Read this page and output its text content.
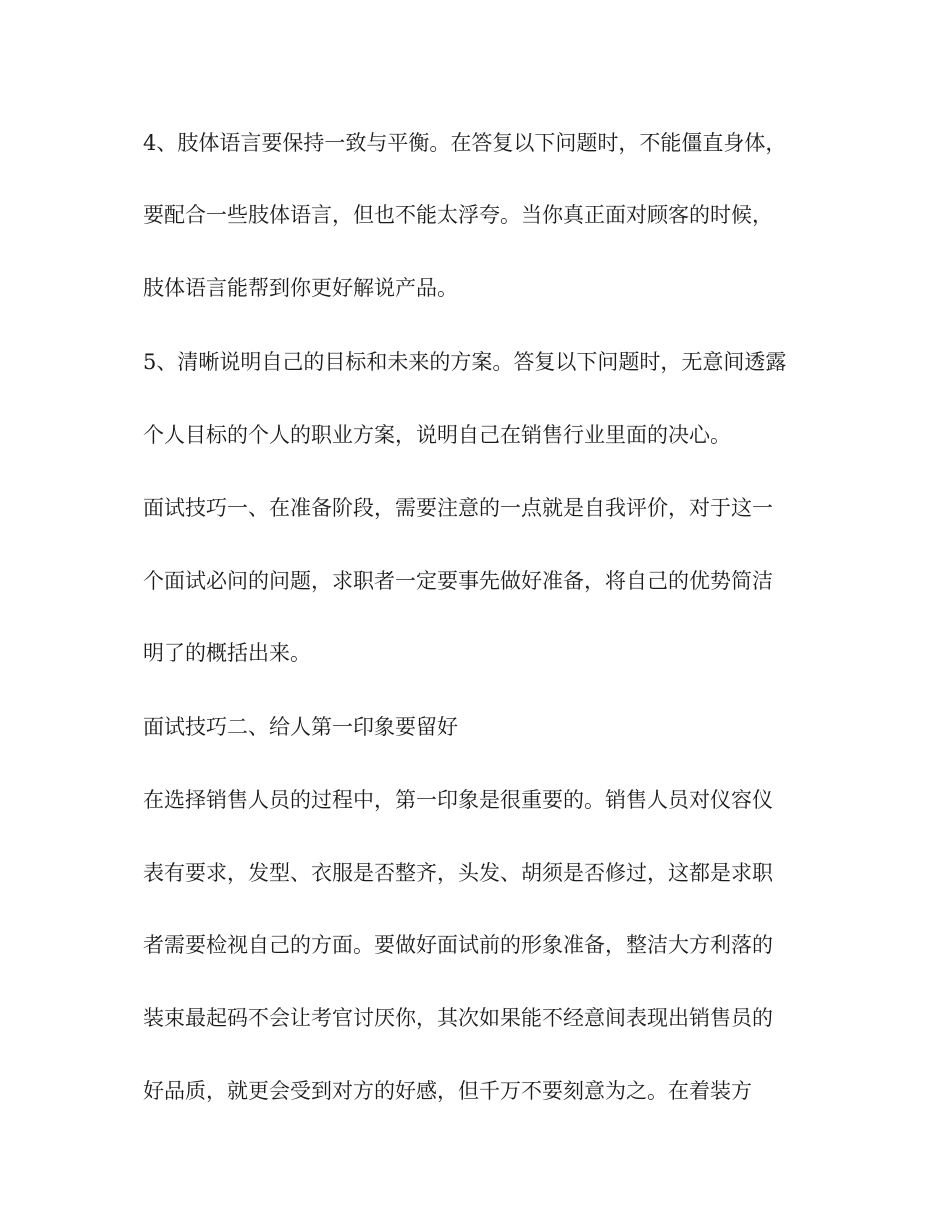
4、肢体语言要保持一致与平衡。在答复以下问题时，不能僵直身体，

要配合一些肢体语言，但也不能太浮夸。当你真正面对顾客的时候，

肢体语言能帮到你更好解说产品。

5、清晰说明自己的目标和未来的方案。答复以下问题时，无意间透露

个人目标的个人的职业方案，说明自己在销售行业里面的决心。

面试技巧一、在准备阶段，需要注意的一点就是自我评价，对于这一

个面试必问的问题，求职者一定要事先做好准备，将自己的优势简洁

明了的概括出来。

面试技巧二、给人第一印象要留好

在选择销售人员的过程中，第一印象是很重要的。销售人员对仪容仪

表有要求，发型、衣服是否整齐，头发、胡须是否修过，这都是求职

者需要检视自己的方面。要做好面试前的形象准备，整洁大方利落的

装束最起码不会让考官讨厌你，其次如果能不经意间表现出销售员的

好品质，就更会受到对方的好感，但千万不要刻意为之。在着装方
